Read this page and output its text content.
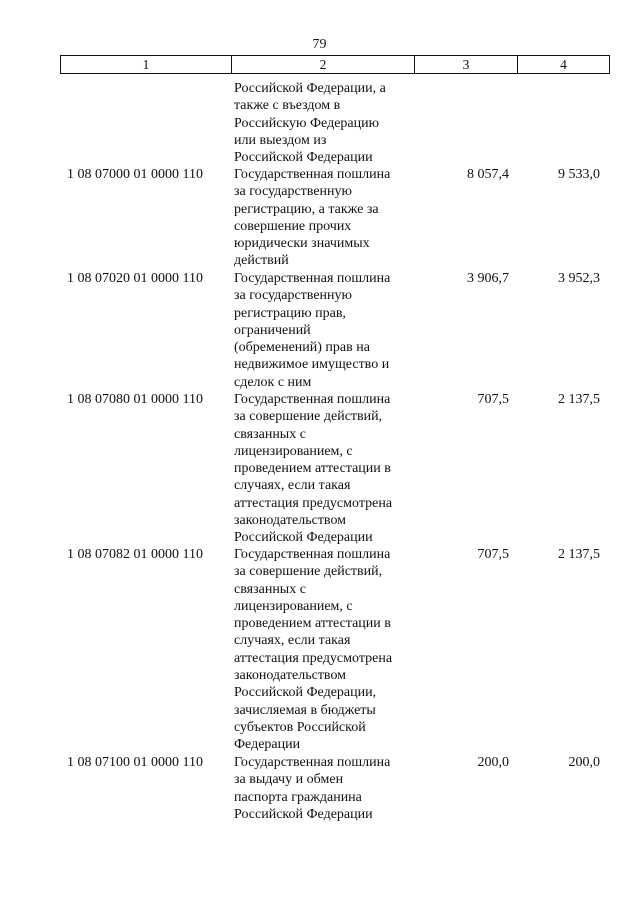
79
1	2	3	4
Российской Федерации, а
также с въездом в
Российскую Федерацию
или выездом из
Российской Федерации
1 08 07000 01 0000 110	Государственная пошлина
за государственную
регистрацию, а также за
совершение прочих
юридически значимых
действий
8 057,4	9 533,0
1 08 07020 01 0000 110	Государственная пошлина
за государственную
регистрацию прав,
ограничений
(обременений) прав на
недвижимое имущество и
сделок с ним
3 906,7	3 952,3
1 08 07080 01 0000 110	Государственная пошлина
за совершение действий,
связанных с
лицензированием, с
проведением аттестации в
случаях, если такая
аттестация предусмотрена
законодательством
Российской Федерации
707,5	2 137,5
1 08 07082 01 0000 110	Государственная пошлина
за совершение действий,
связанных с
лицензированием, с
проведением аттестации в
случаях, если такая
аттестация предусмотрена
законодательством
Российской Федерации,
зачисляемая в бюджеты
субъектов Российской
Федерации
707,5	2 137,5
1 08 07100 01 0000 110	Государственная пошлина
за выдачу и обмен
паспорта гражданина
Российской Федерации
200,0	200,0
